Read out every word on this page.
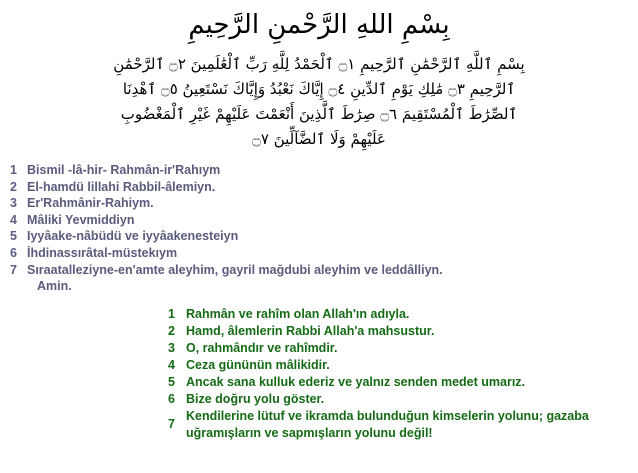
بِسْمِ اللهِ الرَّحْمنِ الرَّحِيمِ
بِسْمِ ٱللَّهِ ٱلرَّحْمَٰنِ ٱلرَّحِيمِ ۝١ ٱلْحَمْدُ لِلَّهِ رَبِّ ٱلْعَٰلَمِينَ ۝٢ ٱلرَّحْمَٰنِ
ٱلرَّحِيمِ ۝٣ مَٰلِكِ يَوْمِ ٱلدِّينِ ۝٤ إِيَّاكَ نَعْبُدُ وَإِيَّاكَ نَسْتَعِينُ ۝٥ ٱهْدِنَا
ٱلصِّرَٰطَ ٱلْمُسْتَقِيمَ ۝٦ صِرَٰطَ ٱلَّذِينَ أَنْعَمْتَ عَلَيْهِمْ غَيْرِ ٱلْمَغْضُوبِ
عَلَيْهِمْ وَلَا ٱلضَّآلِّينَ ۝٧
1 Bismil -lâ-hir- Rahmân-ir'Rahıym
2 El-hamdü lillahi Rabbil-âlemiyn.
3 Er'Rahmânir-Rahiym.
4 Mâliki Yevmiddiyn
5 Iyyâake-nâbüdü ve iyyâakenesteiyn
6 İhdinassırâtal-müstekıym
7 Sıraatalleziyne-en'amte aleyhim, gayril mağdubi aleyhim ve leddâlliyn.
Amin.
1 Rahmân ve rahîm olan Allah'ın adıyla.
2 Hamd, âlemlerin Rabbi Allah'a mahsustur.
3 O, rahmândır ve rahîmdir.
4 Ceza gününün mâlikidir.
5 Ancak sana kulluk ederiz ve yalnız senden medet umarız.
6 Bize doğru yolu göster.
7
Kendilerine lütuf ve ikramda bulunduğun kimselerin yolunu; gazaba uğramışların ve sapmışların yolunu değil!
